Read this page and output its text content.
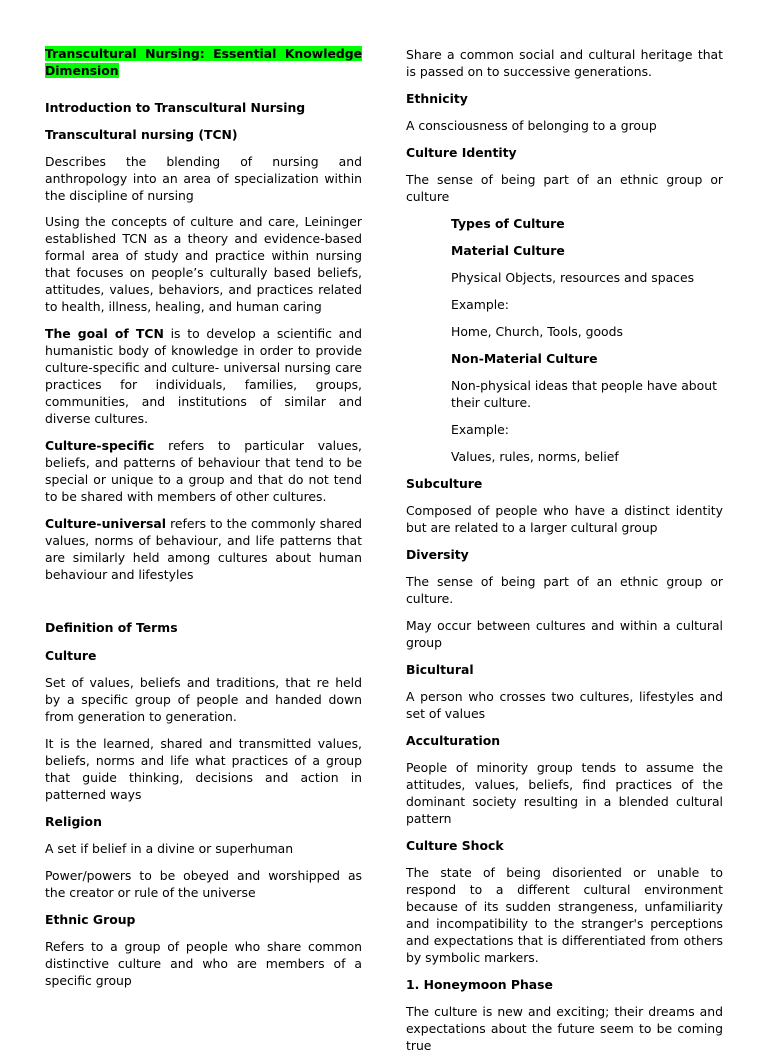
Transcultural Nursing: Essential Knowledge Dimension

Introduction to Transcultural Nursing

Transcultural nursing (TCN)

Describes the blending of nursing and anthropology into an area of specialization within the discipline of nursing

Using the concepts of culture and care, Leininger established TCN as a theory and evidence-based formal area of study and practice within nursing that focuses on people’s culturally based beliefs, attitudes, values, behaviors, and practices related to health, illness, healing, and human caring

The goal of TCN is to develop a scientific and humanistic body of knowledge in order to provide culture-specific and culture- universal nursing care practices for individuals, families, groups, communities, and institutions of similar and diverse cultures.

Culture-specific refers to particular values, beliefs, and patterns of behaviour that tend to be special or unique to a group and that do not tend to be shared with members of other cultures.

Culture-universal refers to the commonly shared values, norms of behaviour, and life patterns that are similarly held among cultures about human behaviour and lifestyles

Definition of Terms

Culture

Set of values, beliefs and traditions, that re held by a specific group of people and handed down from generation to generation.

It is the learned, shared and transmitted values, beliefs, norms and life what practices of a group that guide thinking, decisions and action in patterned ways

Religion

A set if belief in a divine or superhuman

Power/powers to be obeyed and worshipped as the creator or rule of the universe

Ethnic Group

Refers to a group of people who share common distinctive culture and who are members of a specific group

Share a common social and cultural heritage that is passed on to successive generations.

Ethnicity

A consciousness of belonging to a group

Culture Identity

The sense of being part of an ethnic group or culture

Types of Culture

Material Culture

Physical Objects, resources and spaces

Example:

Home, Church, Tools, goods

Non-Material Culture

Non-physical ideas that people have about their culture.

Example:

Values, rules, norms, belief

Subculture

Composed of people who have a distinct identity but are related to a larger cultural group

Diversity

The sense of being part of an ethnic group or culture.

May occur between cultures and within a cultural group

Bicultural

A person who crosses two cultures, lifestyles and set of values

Acculturation

People of minority group tends to assume the attitudes, values, beliefs, find practices of the dominant society resulting in a blended cultural pattern

Culture Shock

The state of being disoriented or unable to respond to a different cultural environment because of its sudden strangeness, unfamiliarity and incompatibility to the stranger's perceptions and expectations that is differentiated from others by symbolic markers.

1. Honeymoon Phase

The culture is new and exciting; their dreams and expectations about the future seem to be coming true
